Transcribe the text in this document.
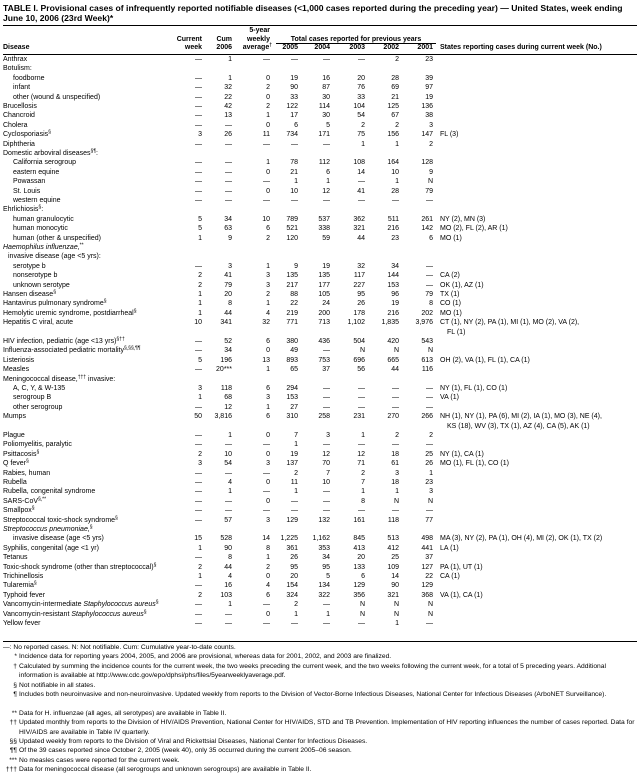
TABLE I. Provisional cases of infrequently reported notifiable diseases (<1,000 cases reported during the preceding year) — United States, week ending June 10, 2006 (23rd Week)*
5-year
weekly
average†
Current
week
Cum
2006
Total cases reported for previous years
Disease	2005	2004	2003	2002	2001 States reporting cases during current week (No.)
Anthrax	—	1	—	—	—	—	2	23
Botulism:
foodborne	—	1	0	19	16	20	28	39
infant	—	32	2	90	87	76	69	97
other (wound & unspecified)	—	22	0	33	30	33	21	19
Brucellosis	—	42	2	122	114	104	125	136
Chancroid	—	13	1	17	30	54	67	38
Cholera	—	—	0	6	5	2	2	3
Cyclosporiasis§	3	26	11	734	171	75	156	147 FL (3)
Diphtheria	—	—	—	—	—	1	1	2
Domestic arboviral diseases§¶:
California serogroup	—	—	1	78	112	108	164	128
eastern equine	—	—	0	21	6	14	10	9
Powassan	—	—	—	1	1	—	1	N
St. Louis	—	—	0	10	12	41	28	79
western equine	—	—	—	—	—	—	—	—
Ehrlichiosis§:
human granulocytic	5	34	10	789	537	362	511	261 NY (2), MN (3)
human monocytic	5	63	6	521	338	321	216	142 MO (2), FL (2), AR (1)
human (other & unspecified)	1	9	2	120	59	44	23	6 MO (1)
Haemophilus influenzae,**
invasive disease (age <5 yrs):
serotype b	—	3	1	9	19	32	34	—
nonserotype b	2	41	3	135	135	117	144	— CA (2)
unknown serotype	2	79	3	217	177	227	153	— OK (1), AZ (1)
Hansen disease§	1	20	2	88	105	95	96	79 TX (1)
Hantavirus pulmonary syndrome§	1	8	1	22	24	26	19	8 CO (1)
Hemolytic uremic syndrome, postdiarrheal§	1	44	4	219	200	178	216	202 MO (1)
Hepatitis C viral, acute	10	341	32	771	713	1,102	1,835	3,976 CT (1), NY (2), PA (1), MI (1), MO (2), VA (2),
FL (1)
HIV infection, pediatric (age <13 yrs)§††	—	52	6	380	436	504	420	543
Influenza-associated pediatric mortality§,§§,¶¶	—	34	0	49	—	N	N	N
Listeriosis	5	196	13	893	753	696	665	613 OH (2), VA (1), FL (1), CA (1)
Measles	—	20***	1	65	37	56	44	116
Meningococcal disease,††† invasive:
A, C, Y, & W-135	3	118	6	294	—	—	—	— NY (1), FL (1), CO (1)
serogroup B	1	68	3	153	—	—	—	— VA (1)
other serogroup	—	12	1	27	—	—	—	—
Mumps	50	3,816	6	310	258	231	270	266 NH (1), NY (1), PA (6), MI (2), IA (1), MO (3), NE (4),
KS (18), WV (3), TX (1), AZ (4), CA (5), AK (1)
Plague	—	1	0	7	3	1	2	2
Poliomyelitis, paralytic	—	—	—	1	—	—	—	—
Psittacosis§	2	10	0	19	12	12	18	25 NY (1), CA (1)
Q fever§	3	54	3	137	70	71	61	26 MO (1), FL (1), CO (1)
Rabies, human	—	—	—	2	7	2	3	1
Rubella	—	4	0	11	10	7	18	23
Rubella, congenital syndrome	—	1	—	1	—	1	1	3
SARS-CoV§,**	—	—	0	—	—	8	N	N
Smallpox§	—	—	—	—	—	—	—	—
Streptococcal toxic-shock syndrome§	—	57	3	129	132	161	118	77
Streptococcus pneumoniae,§
invasive disease (age <5 yrs)	15	528	14	1,225	1,162	845	513	498 MA (3), NY (2), PA (1), OH (4), MI (2), OK (1), TX (2)
Syphilis, congenital (age <1 yr)	1	90	8	361	353	413	412	441 LA (1)
Tetanus	—	8	1	26	34	20	25	37
Toxic-shock syndrome (other than streptococcal)§	2	44	2	95	95	133	109	127 PA (1), UT (1)
Trichinellosis	1	4	0	20	5	6	14	22 CA (1)
Tularemia§	—	16	4	154	134	129	90	129
Typhoid fever	2	103	6	324	322	356	321	368 VA (1), CA (1)
Vancomycin-intermediate Staphylococcus aureus§	—	1	—	2	—	N	N	N
Vancomycin-resistant Staphylococcus aureus§	—	—	0	1	1	N	N	N
Yellow fever	—	—	—	—	—	—	1	—
—: No reported cases. N: Not notifiable. Cum: Cumulative year-to-date counts.
* Incidence data for reporting years 2004, 2005, and 2006 are provisional, whereas data for 2001, 2002, and 2003 are finalized.
† Calculated by summing the incidence counts for the current week, the two weeks preceding the current week, and the two weeks following the current week, for a total of 5 preceding years. Additional information is available at http://www.cdc.gov/epo/dphsi/phs/files/5yearweeklyaverage.pdf.
§ Not notifiable in all states.
¶ Includes both neuroinvasive and non-neuroinvasive. Updated weekly from reports to the Division of Vector-Borne Infectious Diseases, National Center for Infectious Diseases (ArboNET Surveillance).
** Data for H. influenzae (all ages, all serotypes) are available in Table II.
†† Updated monthly from reports to the Division of HIV/AIDS Prevention, National Center for HIV/AIDS, STD and TB Prevention. Implementation of HIV reporting influences the number of cases reported. Data for HIV/AIDS are available in Table IV quarterly.
§§ Updated weekly from reports to the Division of Viral and Rickettsial Diseases, National Center for Infectious Diseases.
¶¶ Of the 39 cases reported since October 2, 2005 (week 40), only 35 occurred during the current 2005–06 season.
*** No measles cases were reported for the current week.
††† Data for meningococcal disease (all serogroups and unknown serogroups) are available in Table II.
